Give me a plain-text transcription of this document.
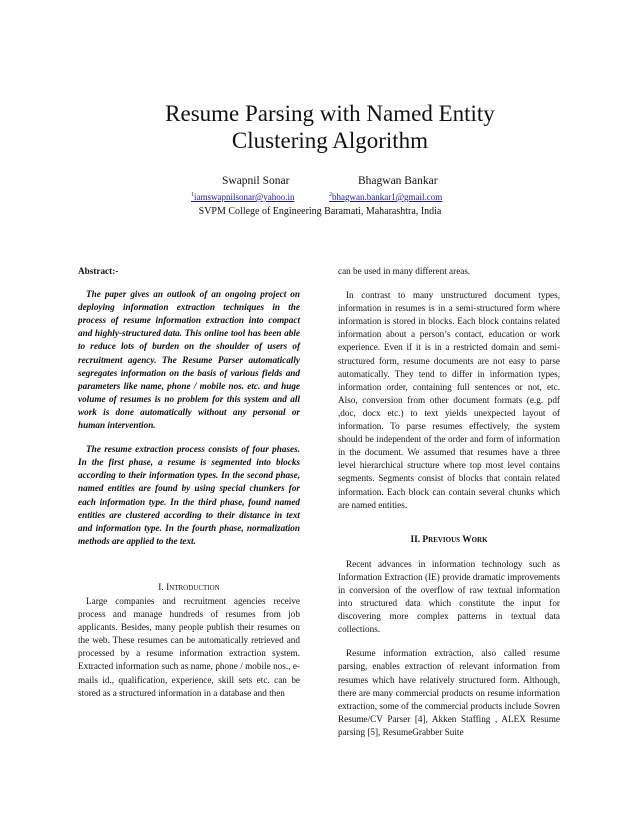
Resume Parsing with Named Entity Clustering Algorithm

Swapnil Sonar	Bhagwan Bankar

$^1$iamswapnilsonar@yahoo.in	$^2$bhagwan.bankar1@gmail.com

SVPM College of Engineering Baramati, Maharashtra, India

Abstract:-

The paper gives an outlook of an ongoing project on deploying information extraction techniques in the process of resume information extraction into compact and highly-structured data. This online tool has been able to reduce lots of burden on the shoulder of users of recruitment agency. The Resume Parser automatically segregates information on the basis of various fields and parameters like name, phone / mobile nos. etc. and huge volume of resumes is no problem for this system and all work is done automatically without any personal or human intervention.

The resume extraction process consists of four phases. In the first phase, a resume is segmented into blocks according to their information types. In the second phase, named entities are found by using special chunkers for each information type. In the third phase, found named entities are clustered according to their distance in text and information type. In the fourth phase, normalization methods are applied to the text.

I. Introduction

Large companies and recruitment agencies receive process and manage hundreds of resumes from job applicants. Besides, many people publish their resumes on the web. These resumes can be automatically retrieved and processed by a resume information extraction system. Extracted information such as name, phone / mobile nos., e-mails id., qualification, experience, skill sets etc. can be stored as a structured information in a database and then

can be used in many different areas.

In contrast to many unstructured document types, information in resumes is in a semi-structured form where information is stored in blocks. Each block contains related information about a person’s contact, education or work experience. Even if it is in a restricted domain and semi-structured form, resume documents are not easy to parse automatically. They tend to differ in information types, information order, containing full sentences or not, etc. Also, conversion from other document formats (e.g. pdf ,doc, docx etc.) to text yields unexpected layout of information. To parse resumes effectively, the system should be independent of the order and form of information in the document. We assumed that resumes have a three level hierarchical structure where top most level contains segments. Segments consist of blocks that contain related information. Each block can contain several chunks which are named entities.

II. Previous Work

Recent advances in information technology such as Information Extraction (IE) provide dramatic improvements in conversion of the overflow of raw textual information into structured data which constitute the input for discovering more complex patterns in textual data collections.

Resume information extraction, also called resume parsing, enables extraction of relevant information from resumes which have relatively structured form. Although, there are many commercial products on resume information extraction, some of the commercial products include Sovren Resume/CV Parser [4], Akken Staffing , ALEX Resume parsing [5], ResumeGrabber Suite
